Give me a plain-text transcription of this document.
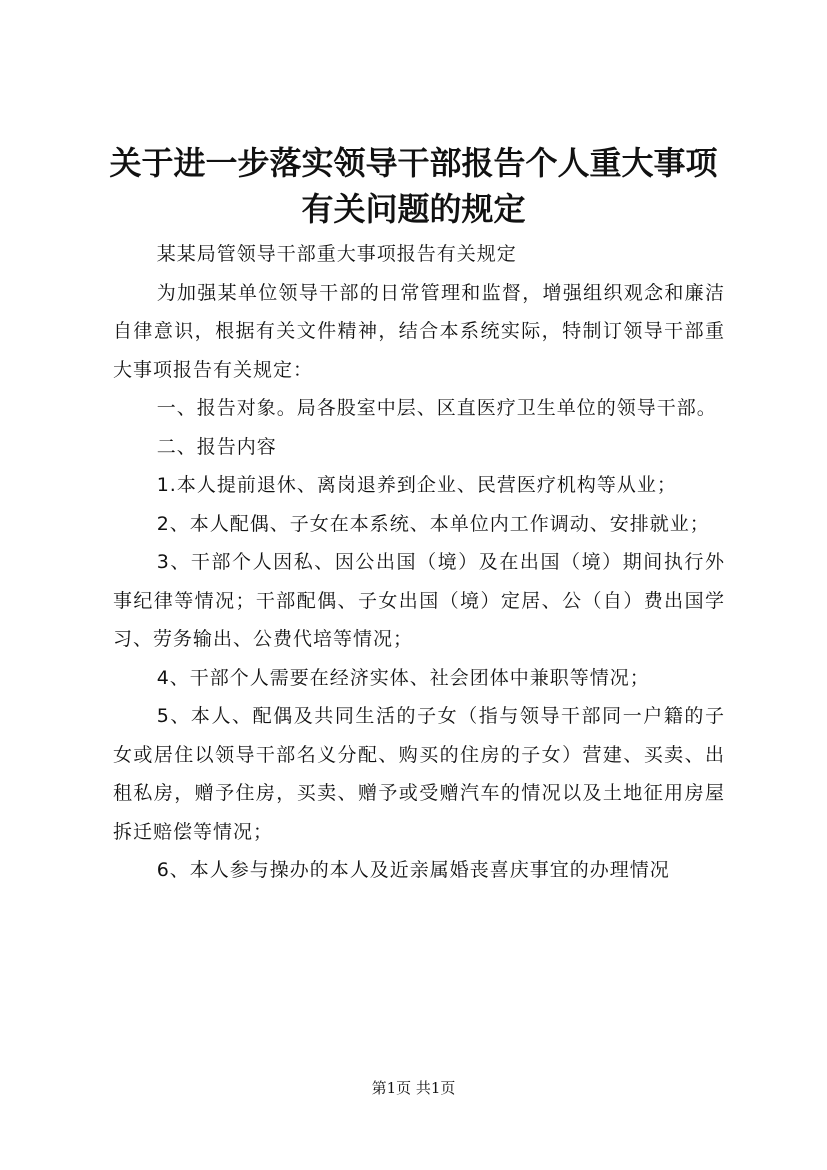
关于进一步落实领导干部报告个人重大事项有关问题的规定

某某局管领导干部重大事项报告有关规定

为加强某单位领导干部的日常管理和监督，增强组织观念和廉洁自律意识，根据有关文件精神，结合本系统实际，特制订领导干部重大事项报告有关规定：

一、报告对象。局各股室中层、区直医疗卫生单位的领导干部。

二、报告内容

1.本人提前退休、离岗退养到企业、民营医疗机构等从业；

2、本人配偶、子女在本系统、本单位内工作调动、安排就业；

3、干部个人因私、因公出国（境）及在出国（境）期间执行外事纪律等情况；干部配偶、子女出国（境）定居、公（自）费出国学习、劳务输出、公费代培等情况；

4、干部个人需要在经济实体、社会团体中兼职等情况；

5、本人、配偶及共同生活的子女（指与领导干部同一户籍的子女或居住以领导干部名义分配、购买的住房的子女）营建、买卖、出租私房，赠予住房，买卖、赠予或受赠汽车的情况以及土地征用房屋拆迁赔偿等情况；

6、本人参与操办的本人及近亲属婚丧喜庆事宜的办理情况

第1页 共1页
